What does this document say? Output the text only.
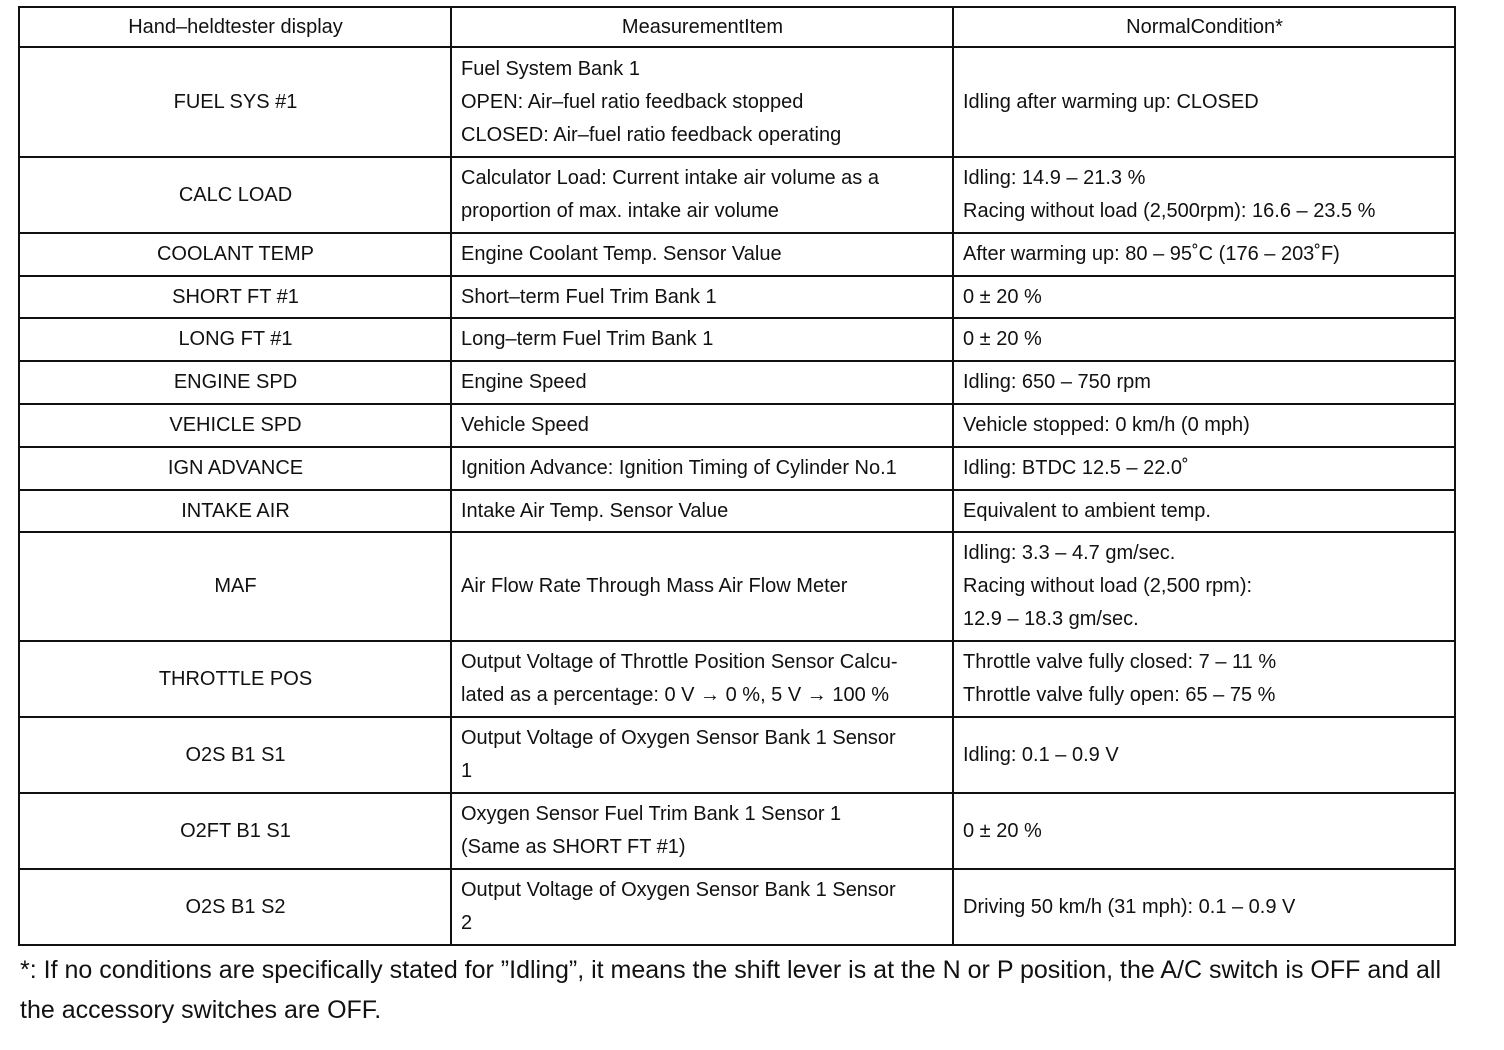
Hand–heldtester display	MeasurementItem	NormalCondition*
FUEL SYS #1	Fuel System Bank 1
OPEN: Air–fuel ratio feedback stopped
CLOSED: Air–fuel ratio feedback operating	Idling after warming up: CLOSED

CALC LOAD	Calculator Load: Current intake air volume as a
proportion of max. intake air volume	Idling: 14.9 – 21.3 %
Racing without load (2,500rpm): 16.6 – 23.5 %

COOLANT TEMP	Engine Coolant Temp. Sensor Value	After warming up: 80 – 95˚C (176 – 203˚F)

SHORT FT #1	Short–term Fuel Trim Bank 1	0 ± 20 %

LONG FT #1	Long–term Fuel Trim Bank 1	0 ± 20 %

ENGINE SPD	Engine Speed	Idling: 650 – 750 rpm

VEHICLE SPD	Vehicle Speed	Vehicle stopped: 0 km/h (0 mph)

IGN ADVANCE	Ignition Advance: Ignition Timing of Cylinder No.1	Idling: BTDC 12.5 – 22.0˚

INTAKE AIR	Intake Air Temp. Sensor Value	Equivalent to ambient temp.

MAF	Air Flow Rate Through Mass Air Flow Meter	Idling: 3.3 – 4.7 gm/sec.
Racing without load (2,500 rpm):
12.9 – 18.3 gm/sec.

THROTTLE POS	Output Voltage of Throttle Position Sensor Calcu-
lated as a percentage: 0 V → 0 %, 5 V → 100 %	Throttle valve fully closed: 7 – 11 %
Throttle valve fully open: 65 – 75 %

O2S B1 S1	Output Voltage of Oxygen Sensor Bank 1 Sensor
1	Idling: 0.1 – 0.9 V

O2FT B1 S1	Oxygen Sensor Fuel Trim Bank 1 Sensor 1
(Same as SHORT FT #1)	0 ± 20 %

O2S B1 S2	Output Voltage of Oxygen Sensor Bank 1 Sensor
2	Driving 50 km/h (31 mph): 0.1 – 0.9 V

*: If no conditions are specifically stated for ”Idling”, it means the shift lever is at the N or P position, the A/C switch is OFF and all the accessory switches are OFF.
